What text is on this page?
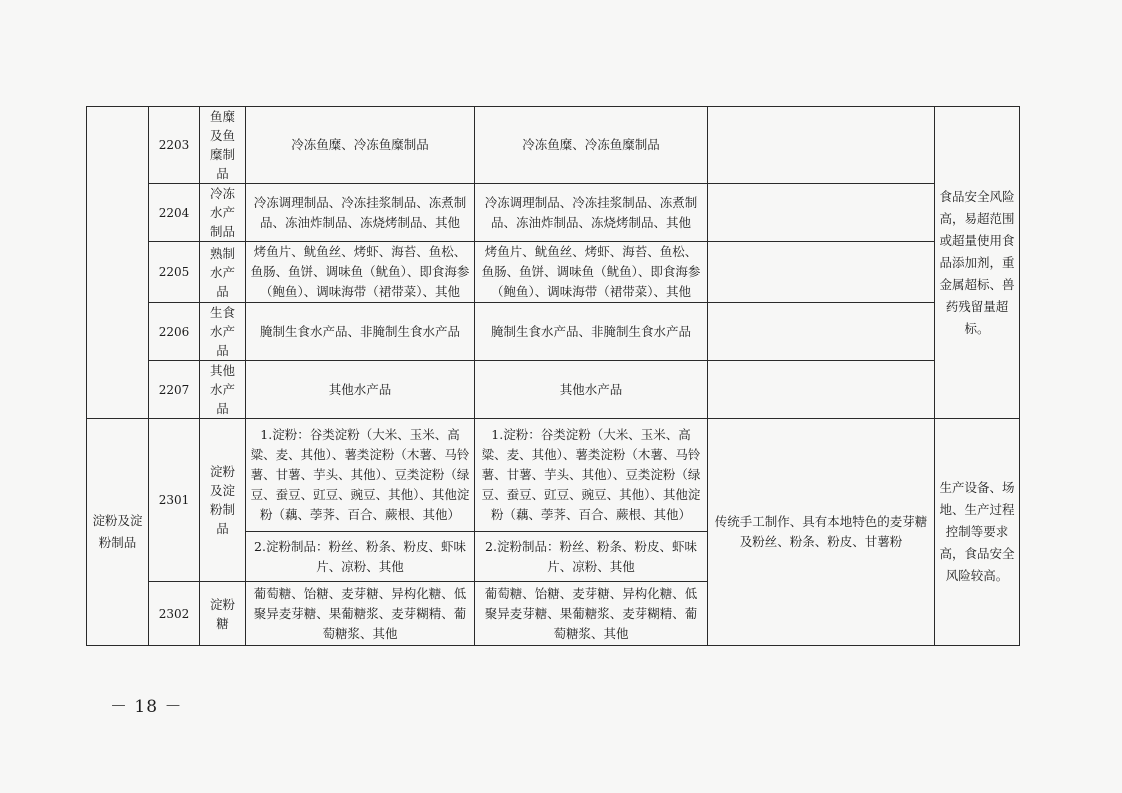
	2203	鱼糜及鱼糜制品	冷冻鱼糜、冷冻鱼糜制品	冷冻鱼糜、冷冻鱼糜制品		食品安全风险高，易超范围或超量使用食品添加剂，重金属超标、兽药残留量超标。
	2204	冷冻水产制品	冷冻调理制品、冷冻挂浆制品、冻煮制品、冻油炸制品、冻烧烤制品、其他	冷冻调理制品、冷冻挂浆制品、冻煮制品、冻油炸制品、冻烧烤制品、其他		
	2205	熟制水产品	烤鱼片、鱿鱼丝、烤虾、海苔、鱼松、鱼肠、鱼饼、调味鱼（鱿鱼）、即食海参（鲍鱼）、调味海带（裙带菜）、其他	烤鱼片、鱿鱼丝、烤虾、海苔、鱼松、鱼肠、鱼饼、调味鱼（鱿鱼）、即食海参（鲍鱼）、调味海带（裙带菜）、其他		
	2206	生食水产品	腌制生食水产品、非腌制生食水产品	腌制生食水产品、非腌制生食水产品		
	2207	其他水产品	其他水产品	其他水产品		
淀粉及淀粉制品	2301	淀粉及淀粉制品	1.淀粉：谷类淀粉（大米、玉米、高粱、麦、其他）、薯类淀粉（木薯、马铃薯、甘薯、芋头、其他）、豆类淀粉（绿豆、蚕豆、豇豆、豌豆、其他）、其他淀粉（藕、荸荠、百合、蕨根、其他）	1.淀粉：谷类淀粉（大米、玉米、高粱、麦、其他）、薯类淀粉（木薯、马铃薯、甘薯、芋头、其他）、豆类淀粉（绿豆、蚕豆、豇豆、豌豆、其他）、其他淀粉（藕、荸荠、百合、蕨根、其他）	传统手工制作、具有本地特色的麦芽糖及粉丝、粉条、粉皮、甘薯粉	生产设备、场地、生产过程控制等要求高，食品安全风险较高。
			2.淀粉制品：粉丝、粉条、粉皮、虾味片、凉粉、其他	2.淀粉制品：粉丝、粉条、粉皮、虾味片、凉粉、其他		
	2302	淀粉糖	葡萄糖、饴糖、麦芽糖、异构化糖、低聚异麦芽糖、果葡糖浆、麦芽糊精、葡萄糖浆、其他	葡萄糖、饴糖、麦芽糖、异构化糖、低聚异麦芽糖、果葡糖浆、麦芽糊精、葡萄糖浆、其他		
－ 18 －
